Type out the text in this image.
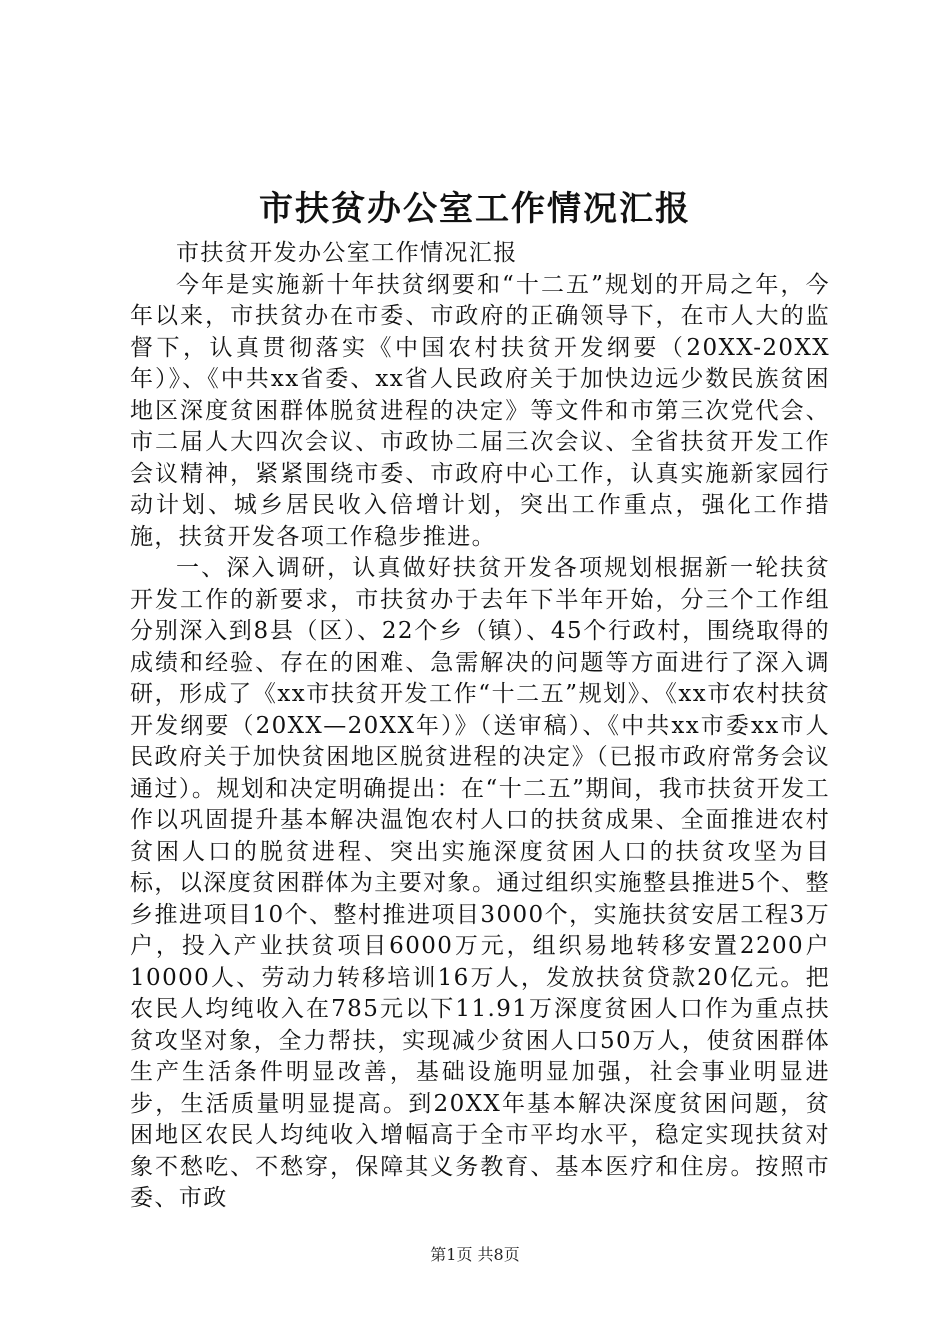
市扶贫办公室工作情况汇报

市扶贫开发办公室工作情况汇报

今年是实施新十年扶贫纲要和“十二五”规划的开局之年，今年以来，市扶贫办在市委、市政府的正确领导下，在市人大的监督下，认真贯彻落实《中国农村扶贫开发纲要（20XX-20XX年）》、《中共xx省委、xx省人民政府关于加快边远少数民族贫困地区深度贫困群体脱贫进程的决定》等文件和市第三次党代会、市二届人大四次会议、市政协二届三次会议、全省扶贫开发工作会议精神，紧紧围绕市委、市政府中心工作，认真实施新家园行动计划、城乡居民收入倍增计划，突出工作重点，强化工作措施，扶贫开发各项工作稳步推进。

一、深入调研，认真做好扶贫开发各项规划根据新一轮扶贫开发工作的新要求，市扶贫办于去年下半年开始，分三个工作组分别深入到8县（区）、22个乡（镇）、45个行政村，围绕取得的成绩和经验、存在的困难、急需解决的问题等方面进行了深入调研，形成了《xx市扶贫开发工作“十二五”规划》、《xx市农村扶贫开发纲要（20XX—20XX年）》（送审稿）、《中共xx市委xx市人民政府关于加快贫困地区脱贫进程的决定》（已报市政府常务会议通过）。规划和决定明确提出：在“十二五”期间，我市扶贫开发工作以巩固提升基本解决温饱农村人口的扶贫成果、全面推进农村贫困人口的脱贫进程、突出实施深度贫困人口的扶贫攻坚为目标，以深度贫困群体为主要对象。通过组织实施整县推进5个、整乡推进项目10个、整村推进项目3000个，实施扶贫安居工程3万户，投入产业扶贫项目6000万元，组织易地转移安置2200户10000人、劳动力转移培训16万人，发放扶贫贷款20亿元。把农民人均纯收入在785元以下11.91万深度贫困人口作为重点扶贫攻坚对象，全力帮扶，实现减少贫困人口50万人，使贫困群体生产生活条件明显改善，基础设施明显加强，社会事业明显进步，生活质量明显提高。到20XX年基本解决深度贫困问题，贫困地区农民人均纯收入增幅高于全市平均水平，稳定实现扶贫对象不愁吃、不愁穿，保障其义务教育、基本医疗和住房。按照市委、市政

第1页 共8页
